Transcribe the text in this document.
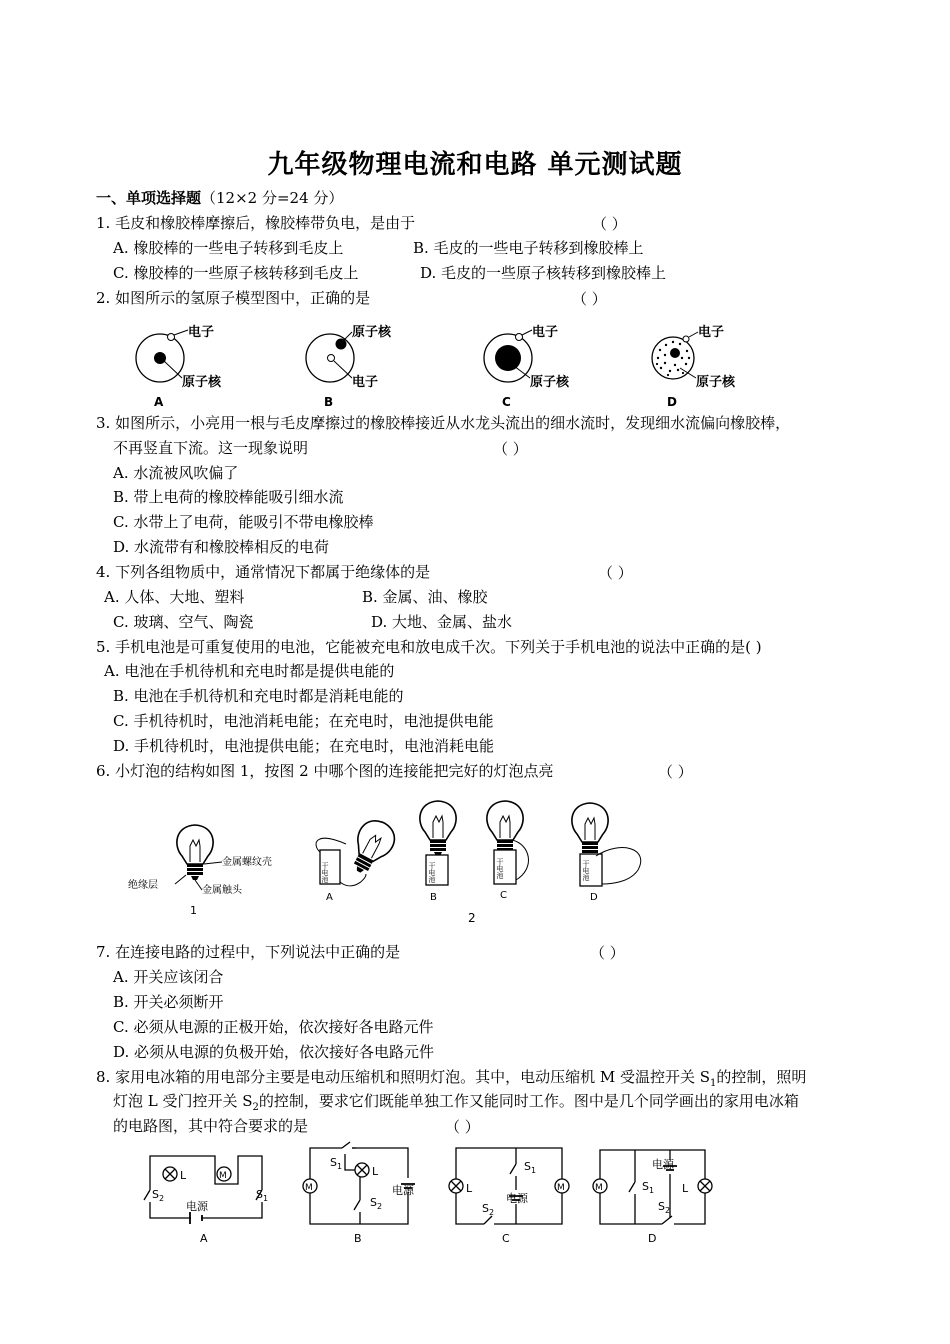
九年级物理电流和电路 单元测试题
一、单项选择题（12×2 分=24 分）
1. 毛皮和橡胶棒摩擦后，橡胶棒带负电，是由于	（ ）
A. 橡胶棒的一些电子转移到毛皮上	B. 毛皮的一些电子转移到橡胶棒上
C. 橡胶棒的一些原子核转移到毛皮上	D. 毛皮的一些原子核转移到橡胶棒上
2. 如图所示的氢原子模型图中，正确的是	（ ）
电子
原子核
A
原子核
电子
B
电子
原子核
C
电子
原子核
D
3. 如图所示，小亮用一根与毛皮摩擦过的橡胶棒接近从水龙头流出的细水流时，发现细水流偏向橡胶棒，
不再竖直下流。这一现象说明	（ ）
A. 水流被风吹偏了
B. 带上电荷的橡胶棒能吸引细水流
C. 水带上了电荷，能吸引不带电橡胶棒
D. 水流带有和橡胶棒相反的电荷
4. 下列各组物质中，通常情况下都属于绝缘体的是	（ ）
A. 人体、大地、塑料	B. 金属、油、橡胶
C. 玻璃、空气、陶瓷	D. 大地、金属、盐水
5. 手机电池是可重复使用的电池，它能被充电和放电成千次。下列关于手机电池的说法中正确的是( )
A. 电池在手机待机和充电时都是提供电能的
B. 电池在手机待机和充电时都是消耗电能的
C. 手机待机时，电池消耗电能；在充电时，电池提供电能
D. 手机待机时，电池提供电能；在充电时，电池消耗电能
6. 小灯泡的结构如图 1，按图 2 中哪个图的连接能把完好的灯泡点亮	（ ）
金属螺纹壳
绝缘层	金属触头
1
干电池
A
干电池
B
干电池
C
干电池
D
2
7. 在连接电路的过程中，下列说法中正确的是	（ ）
A. 开关应该闭合
B. 开关必须断开
C. 必须从电源的正极开始，依次接好各电路元件
D. 必须从电源的负极开始，依次接好各电路元件
8. 家用电冰箱的用电部分主要是电动压缩机和照明灯泡。其中，电动压缩机 M 受温控开关 $S_1$的控制，照明
灯泡 L 受门控开关 $S_2$的控制，要求它们既能单独工作又能同时工作。图中是几个同学画出的家用电冰箱
的电路图，其中符合要求的是	（ ）
L	M
$S_2$	$S_1$
电源
A
M
L
$S_1$
$S_2$
电源
B
L	M
$S_1$
$S_2$
电源
C
M	L
$S_1$
$S_2$
电源
D
